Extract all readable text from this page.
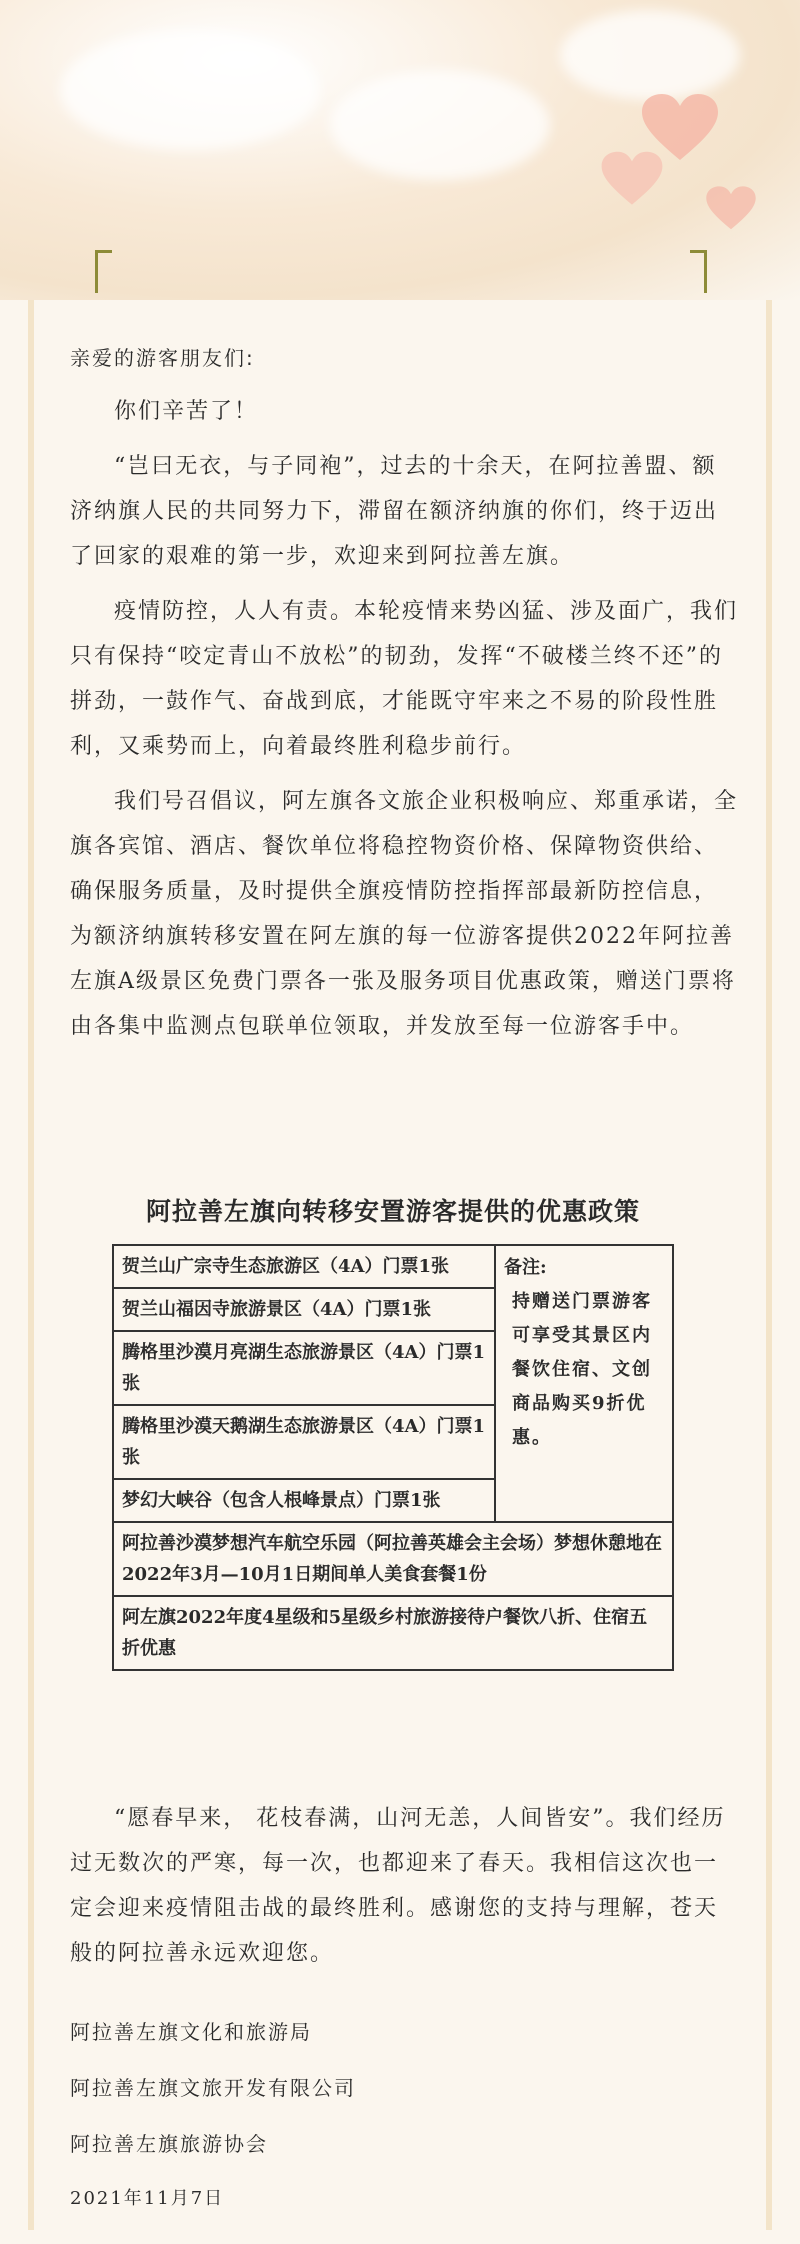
亲爱的游客朋友们:

你们辛苦了！

“岂曰无衣，与子同袍”，过去的十余天，在阿拉善盟、额济纳旗人民的共同努力下，滞留在额济纳旗的你们，终于迈出了回家的艰难的第一步，欢迎来到阿拉善左旗。

疫情防控，人人有责。本轮疫情来势凶猛、涉及面广，我们只有保持“咬定青山不放松”的韧劲，发挥“不破楼兰终不还”的拼劲，一鼓作气、奋战到底，才能既守牢来之不易的阶段性胜利，又乘势而上，向着最终胜利稳步前行。

我们号召倡议，阿左旗各文旅企业积极响应、郑重承诺，全旗各宾馆、酒店、餐饮单位将稳控物资价格、保障物资供给、确保服务质量，及时提供全旗疫情防控指挥部最新防控信息，为额济纳旗转移安置在阿左旗的每一位游客提供2022年阿拉善左旗A级景区免费门票各一张及服务项目优惠政策，赠送门票将由各集中监测点包联单位领取，并发放至每一位游客手中。

阿拉善左旗向转移安置游客提供的优惠政策
贺兰山广宗寺生态旅游区（4A）门票1张
贺兰山福因寺旅游景区（4A）门票1张
腾格里沙漠月亮湖生态旅游景区（4A）门票1张
腾格里沙漠天鹅湖生态旅游景区（4A）门票1张
梦幻大峡谷（包含人根峰景点）门票1张

备注:
持赠送门票游客可享受其景区内餐饮住宿、文创商品购买9折优惠。

阿拉善沙漠梦想汽车航空乐园（阿拉善英雄会主会场）梦想休憩地在2022年3月—10月1日期间单人美食套餐1份
阿左旗2022年度4星级和5星级乡村旅游接待户餐饮八折、住宿五折优惠

“愿春早来， 花枝春满，山河无恙，人间皆安”。我们经历过无数次的严寒，每一次，也都迎来了春天。我相信这次也一定会迎来疫情阻击战的最终胜利。感谢您的支持与理解，苍天般的阿拉善永远欢迎您。

阿拉善左旗文化和旅游局
阿拉善左旗文旅开发有限公司
阿拉善左旗旅游协会
2021年11月7日
